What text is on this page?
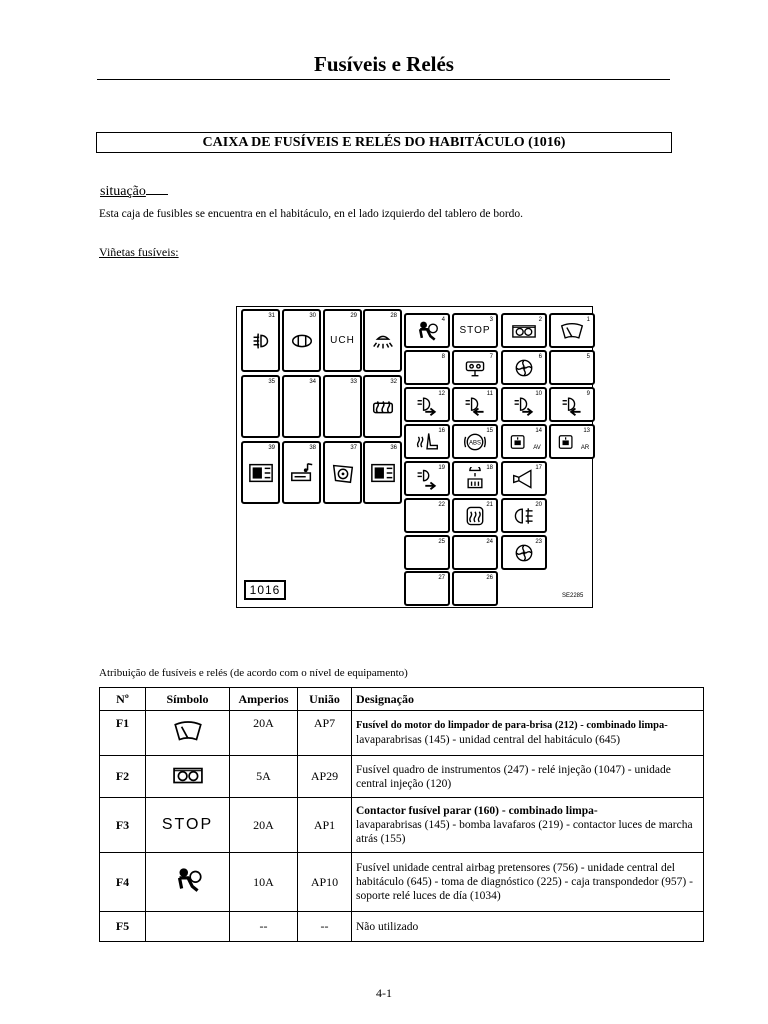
Fusíveis e Relés
CAIXA DE FUSÍVEIS E RELÉS DO HABITÁCULO (1016)
situação
Esta caja de fusibles se encuentra en el habitáculo, en el lado izquierdo del tablero de bordo.
Viñetas fusíveis:
31	30	29
UCH
28
4	3
STOP
2	1
8	7	6	5
35	34	33	32
12	11	10	9
16	15
ABS
14
AV
13
AR
39	38	37	36
19	18	17
22	21	20
25	24	23
27	26
1016	SE2285
Atribuição de fusíveis e relés (de acordo com o nível de equipamento)
Nº	Símbolo	Amperios	União	Designação
F1		20A	AP7	Fusível do motor do limpador de para-brisa (212) - combinado limpa-
lavaparabrisas (145) - unidad central del habitáculo (645)

F2		5A	AP29	Fusível quadro de instrumentos (247) - relé injeção (1047) - unidade central injeção (120)

F3	STOP	20A	AP1	Contactor fusível parar (160) - combinado limpa-
lavaparabrisas (145) - bomba lavafaros (219) - contactor luces de marcha atrás (155)

F4		10A	AP10	Fusível unidade central airbag pretensores (756) - unidade central del habitáculo (645) - toma de diagnóstico (225) - caja transpondedor (957) - soporte relé luces de día (1034)

F5		--	--	Não utilizado
4-1
